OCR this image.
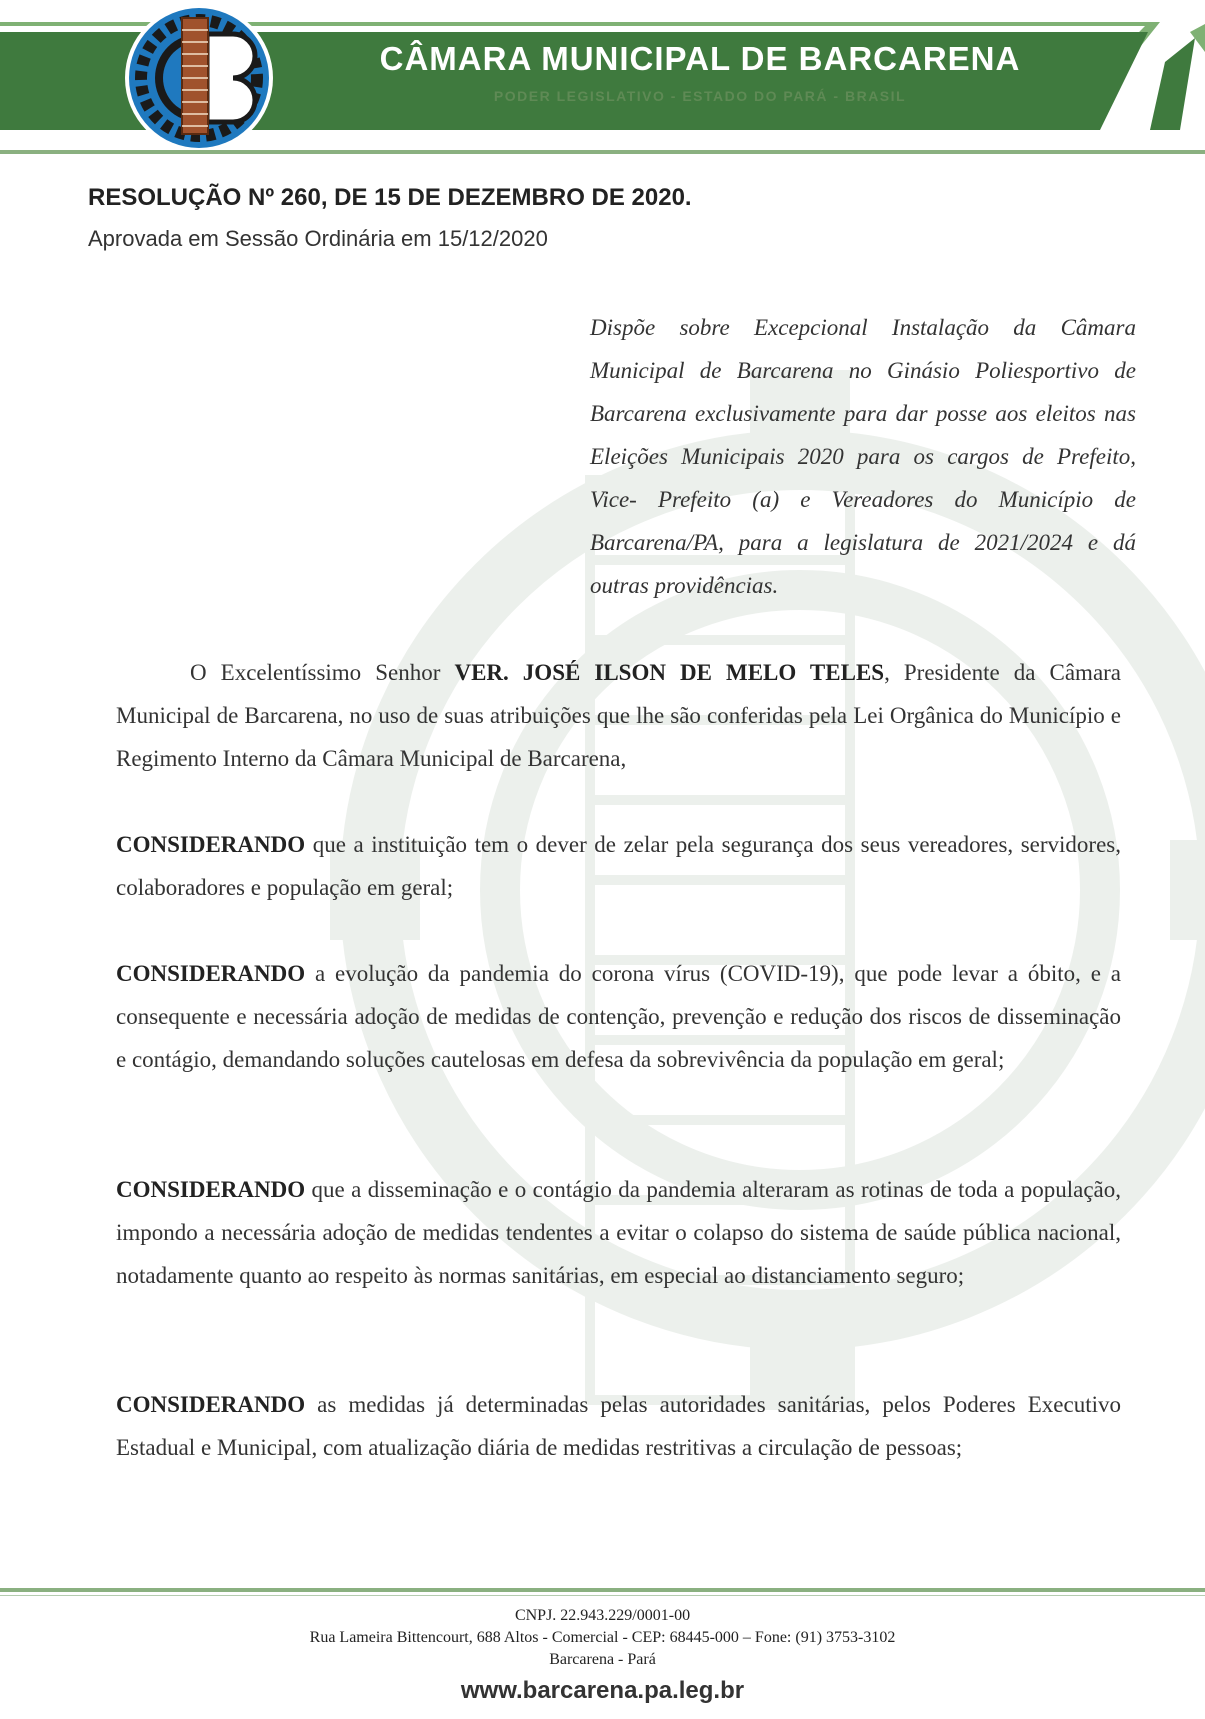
CÂMARA MUNICIPAL DE BARCARENA
PODER LEGISLATIVO - ESTADO DO PARÁ - BRASIL
RESOLUÇÃO Nº 260, DE 15 DE DEZEMBRO DE 2020.
Aprovada em Sessão Ordinária em 15/12/2020
Dispõe sobre Excepcional Instalação da Câmara Municipal de Barcarena no Ginásio Poliesportivo de Barcarena exclusivamente para dar posse aos eleitos nas Eleições Municipais 2020 para os cargos de Prefeito, Vice- Prefeito (a) e Vereadores do Município de Barcarena/PA, para a legislatura de 2021/2024 e dá outras providências.
O Excelentíssimo Senhor VER. JOSÉ ILSON DE MELO TELES, Presidente da Câmara Municipal de Barcarena, no uso de suas atribuições que lhe são conferidas pela Lei Orgânica do Município e Regimento Interno da Câmara Municipal de Barcarena,
CONSIDERANDO que a instituição tem o dever de zelar pela segurança dos seus vereadores, servidores, colaboradores e população em geral;
CONSIDERANDO a evolução da pandemia do corona vírus (COVID-19), que pode levar a óbito, e a consequente e necessária adoção de medidas de contenção, prevenção e redução dos riscos de disseminação e contágio, demandando soluções cautelosas em defesa da sobrevivência da população em geral;
CONSIDERANDO que a disseminação e o contágio da pandemia alteraram as rotinas de toda a população, impondo a necessária adoção de medidas tendentes a evitar o colapso do sistema de saúde pública nacional, notadamente quanto ao respeito às normas sanitárias, em especial ao distanciamento seguro;
CONSIDERANDO as medidas já determinadas pelas autoridades sanitárias, pelos Poderes Executivo Estadual e Municipal, com atualização diária de medidas restritivas a circulação de pessoas;
CNPJ. 22.943.229/0001-00
Rua Lameira Bittencourt, 688 Altos - Comercial - CEP: 68445-000 – Fone: (91) 3753-3102
Barcarena - Pará
www.barcarena.pa.leg.br
